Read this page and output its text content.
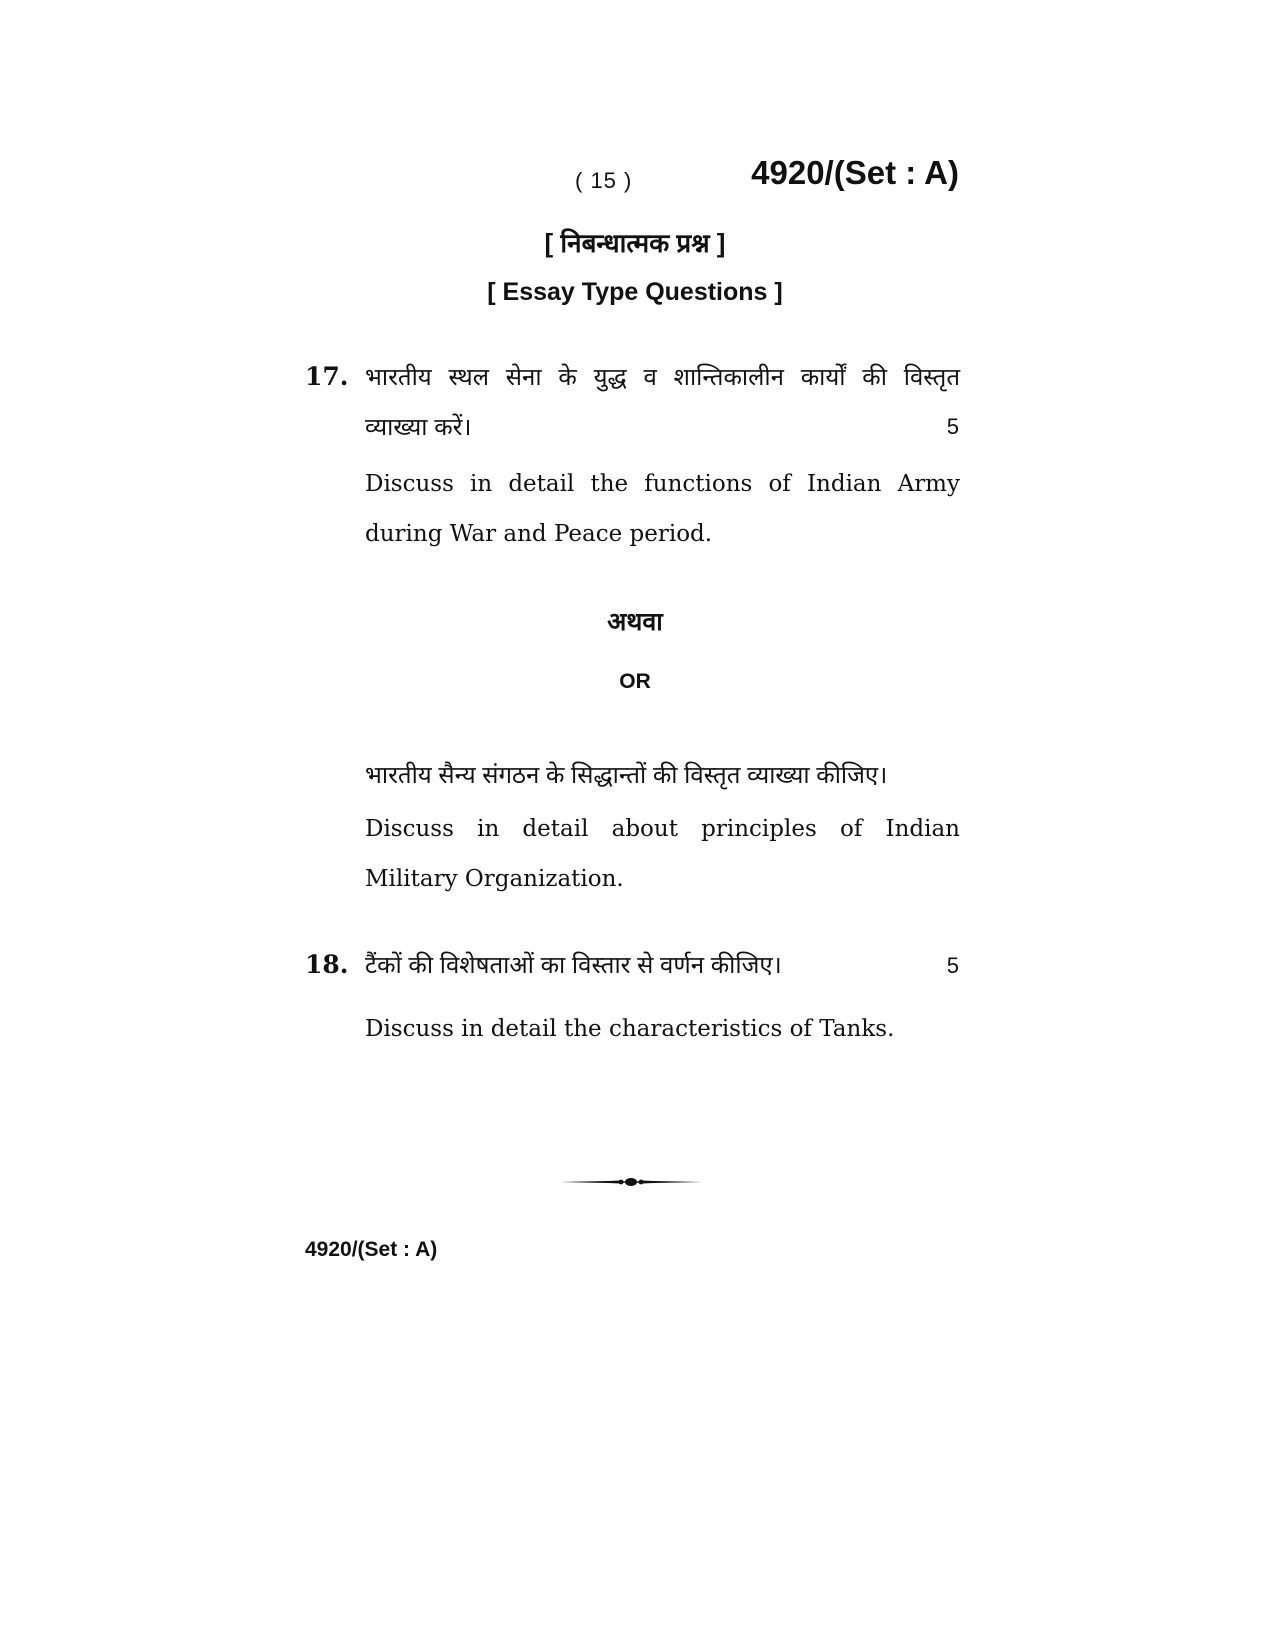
( 15 )	4920/(Set : A)
[ निबन्धात्मक प्रश्न ]
[ Essay Type Questions ]
17. भारतीय स्थल सेना के युद्ध व शान्तिकालीन कार्यों की विस्तृत
व्याख्या करें।	5
Discuss in detail the functions of Indian Army during War and Peace period.
अथवा
OR
भारतीय सैन्य संगठन के सिद्धान्तों की विस्तृत व्याख्या कीजिए।
Discuss in detail about principles of Indian Military Organization.
18. टैंकों की विशेषताओं का विस्तार से वर्णन कीजिए।	5
Discuss in detail the characteristics of Tanks.
4920/(Set : A)
